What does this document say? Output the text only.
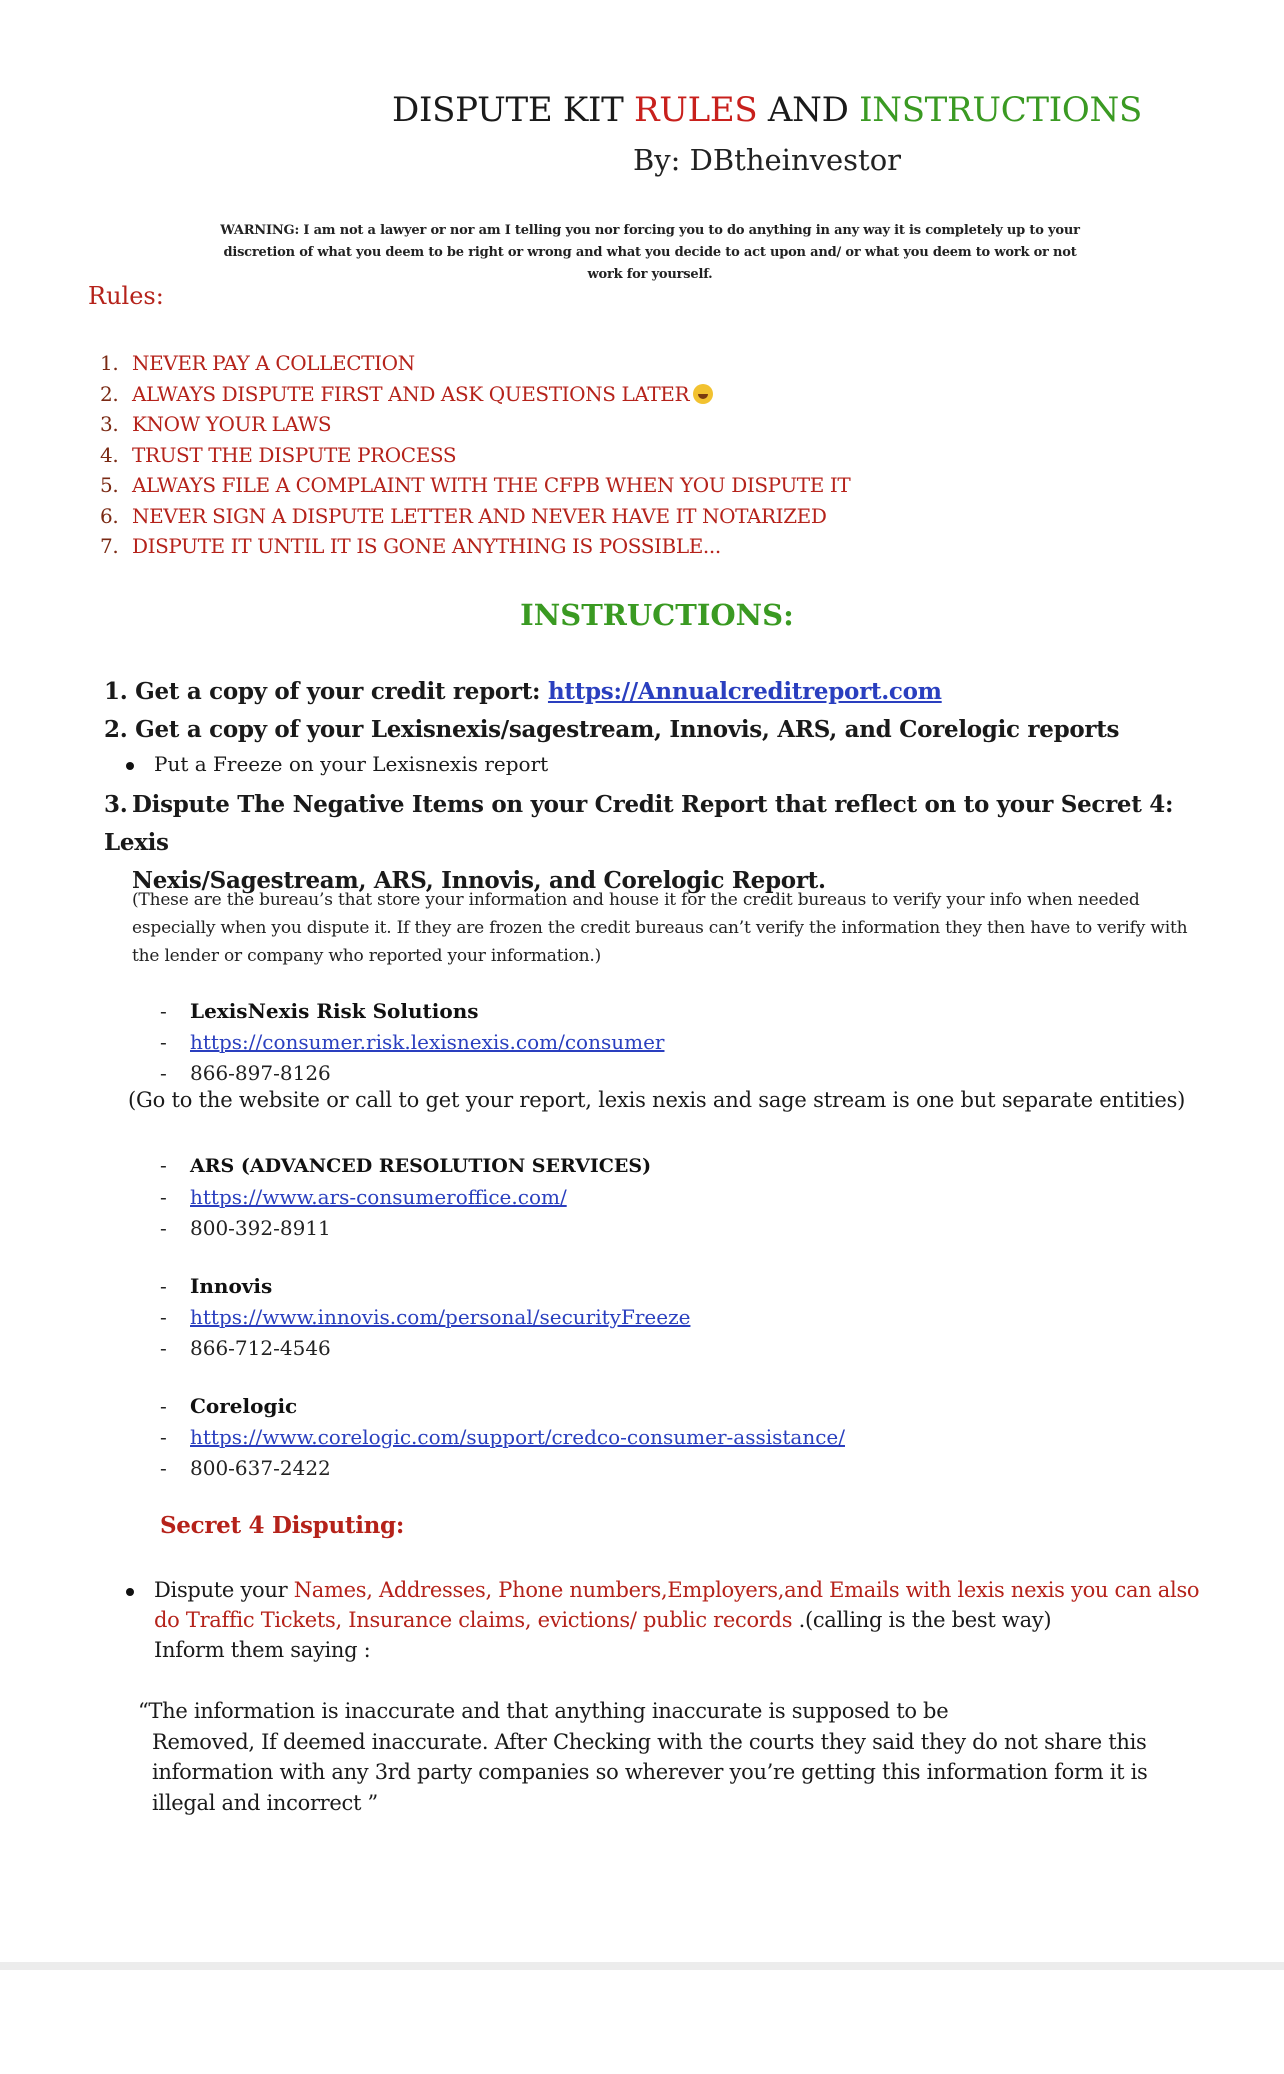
DISPUTE KIT RULES AND INSTRUCTIONS
By: DBtheinvestor
WARNING: I am not a lawyer or nor am I telling you nor forcing you to do anything in any way it is completely up to your discretion of what you deem to be right or wrong and what you decide to act upon and/ or what you deem to work or not work for yourself.
Rules:
1. NEVER PAY A COLLECTION
2. ALWAYS DISPUTE FIRST AND ASK QUESTIONS LATER
3. KNOW YOUR LAWS
4. TRUST THE DISPUTE PROCESS
5. ALWAYS FILE A COMPLAINT WITH THE CFPB WHEN YOU DISPUTE IT
6. NEVER SIGN A DISPUTE LETTER AND NEVER HAVE IT NOTARIZED
7. DISPUTE IT UNTIL IT IS GONE ANYTHING IS POSSIBLE...
INSTRUCTIONS:
1. Get a copy of your credit report: https://Annualcreditreport.com
2. Get a copy of your Lexisnexis/sagestream, Innovis, ARS, and Corelogic reports
Put a Freeze on your Lexisnexis report
3. Dispute The Negative Items on your Credit Report that reflect on to your Secret 4: Lexis
Nexis/Sagestream, ARS, Innovis, and Corelogic Report.
(These are the bureau’s that store your information and house it for the credit bureaus to verify your info when needed especially when you dispute it. If they are frozen the credit bureaus can’t verify the information they then have to verify with the lender or company who reported your information.)
- LexisNexis Risk Solutions
- https://consumer.risk.lexisnexis.com/consumer
- 866-897-8126
(Go to the website or call to get your report, lexis nexis and sage stream is one but separate entities)
- ARS (ADVANCED RESOLUTION SERVICES)
- https://www.ars-consumeroffice.com/
- 800-392-8911
- Innovis
- https://www.innovis.com/personal/securityFreeze
- 866-712-4546
- Corelogic
- https://www.corelogic.com/support/credco-consumer-assistance/
- 800-637-2422
Secret 4 Disputing:
Dispute your Names, Addresses, Phone numbers,Employers,and Emails with lexis nexis you can also
do Traffic Tickets, Insurance claims, evictions/ public records .(calling is the best way)
Inform them saying :
“The information is inaccurate and that anything inaccurate is supposed to be
Removed, If deemed inaccurate. After Checking with the courts they said they do not share this
information with any 3rd party companies so wherever you’re getting this information form it is
illegal and incorrect ”
